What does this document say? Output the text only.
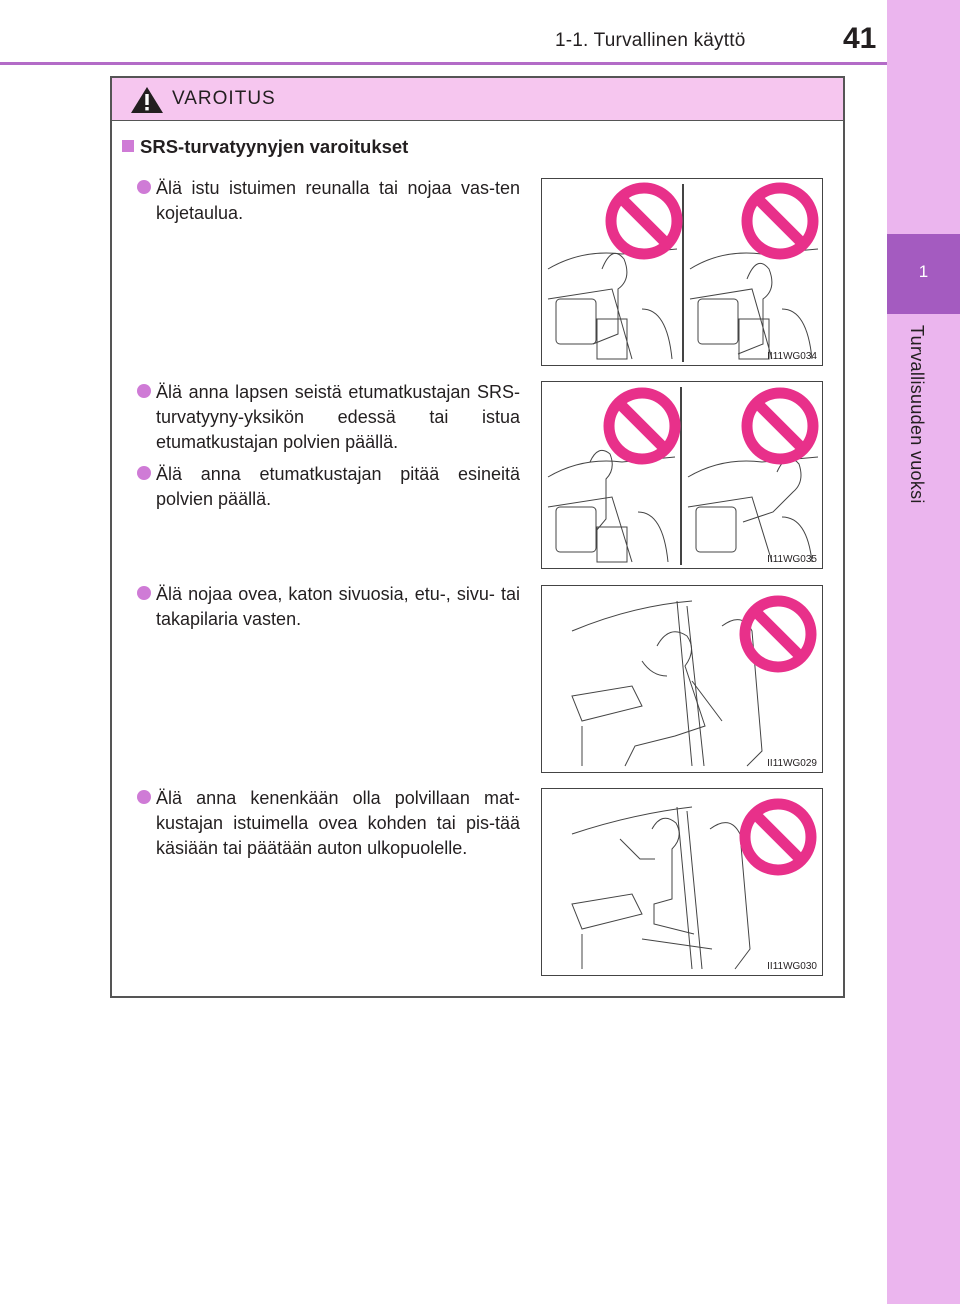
1-1. Turvallinen käyttö	41
1
Turvallisuuden vuoksi
VAROITUS
SRS-turvatyynyjen varoitukset
Älä istu istuimen reunalla tai nojaa vas-ten kojetaulua.
Älä anna lapsen seistä etumatkustajan SRS-turvatyyny-yksikön edessä tai istua etumatkustajan polvien päällä.
Älä anna etumatkustajan pitää esineitä polvien päällä.
Älä nojaa ovea, katon sivuosia, etu-, sivu- tai takapilaria vasten.
Älä anna kenenkään olla polvillaan mat-kustajan istuimella ovea kohden tai pis-tää käsiään tai päätään auton ulkopuolelle.
II11WG034
II11WG035
II11WG029
II11WG030
